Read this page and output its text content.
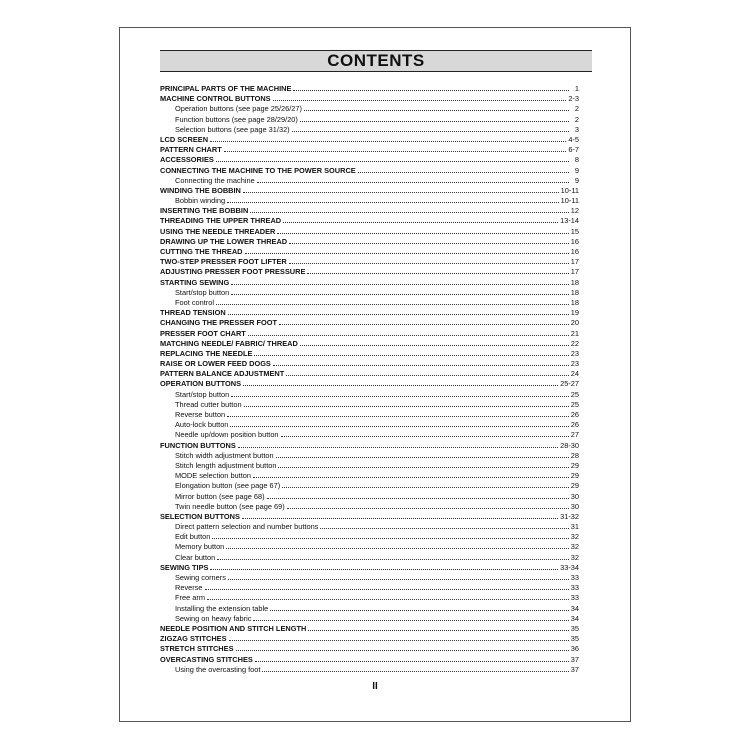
CONTENTS
PRINCIPAL PARTS OF THE MACHINE	1
MACHINE CONTROL BUTTONS	2-3
Operation buttons (see page 25/26/27)	2
Function buttons (see page 28/29/20)	2
Selection buttons (see page 31/32)	3
LCD SCREEN	4-5
PATTERN CHART	6-7
ACCESSORIES	8
CONNECTING THE MACHINE TO THE POWER SOURCE	9
Connecting the machine	9
WINDING THE BOBBIN	10-11
Bobbin winding	10-11
INSERTING THE BOBBIN	12
THREADING THE UPPER THREAD	13-14
USING THE NEEDLE THREADER	15
DRAWING UP THE LOWER THREAD	16
CUTTING THE THREAD	16
TWO-STEP PRESSER FOOT LIFTER	17
ADJUSTING PRESSER FOOT PRESSURE	17
STARTING SEWING	18
Start/stop button	18
Foot control	18
THREAD TENSION	19
CHANGING THE PRESSER FOOT	20
PRESSER FOOT CHART	21
MATCHING NEEDLE/ FABRIC/ THREAD	22
REPLACING THE NEEDLE	23
RAISE OR LOWER FEED DOGS	23
PATTERN BALANCE ADJUSTMENT	24
OPERATION BUTTONS	25-27
Start/stop button	25
Thread cutter button	25
Reverse button	26
Auto-lock button	26
Needle up/down position button	27
FUNCTION BUTTONS	28-30
Stitch width adjustment button	28
Stitch length adjustment button	29
MODE selection button	29
Elongation button (see page 67)	29
Mirror button (see page 68)	30
Twin needle button (see page 69)	30
SELECTION BUTTONS	31-32
Direct pattern selection and number buttons	31
Edit button	32
Memory button	32
Clear button	32
SEWING TIPS	33-34
Sewing corners	33
Reverse	33
Free arm	33
Installing the extension table	34
Sewing on heavy fabric	34
NEEDLE POSITION AND STITCH LENGTH	35
ZIGZAG STITCHES	35
STRETCH STITCHES	36
OVERCASTING STITCHES	37
Using the overcasting foot	37
II
